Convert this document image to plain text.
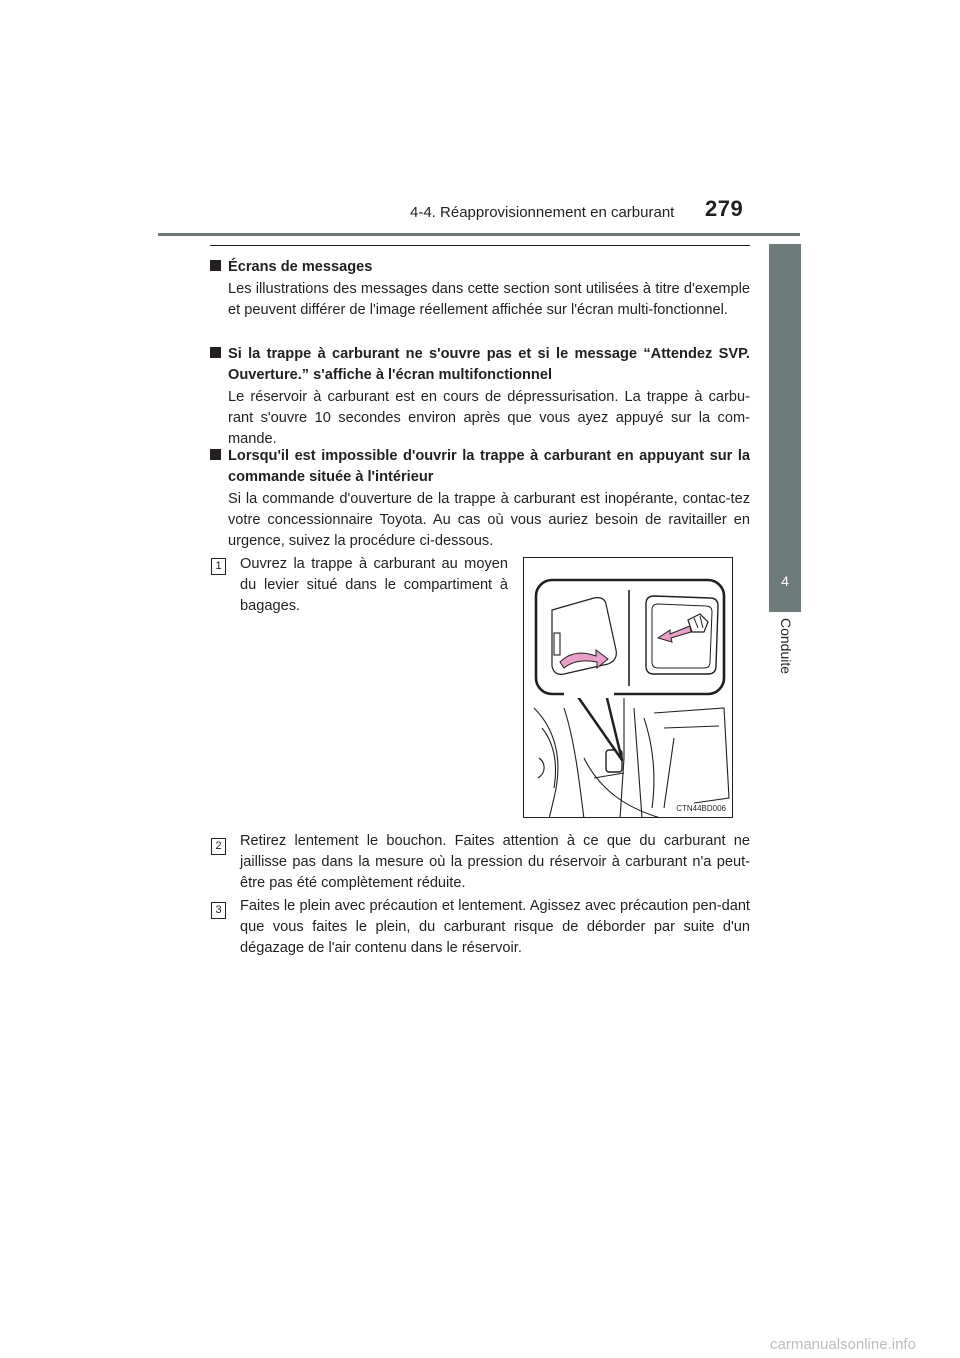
4-4. Réapprovisionnement en carburant 279
4
Conduite

Écrans de messages

Les illustrations des messages dans cette section sont utilisées à titre d'exemple et peuvent différer de l'image réellement affichée sur l'écran multi-fonctionnel.

Si la trappe à carburant ne s'ouvre pas et si le message “Attendez SVP. Ouverture.” s'affiche à l'écran multifonctionnel

Le réservoir à carburant est en cours de dépressurisation. La trappe à carbu-rant s'ouvre 10 secondes environ après que vous ayez appuyé sur la com-mande.

Lorsqu'il est impossible d'ouvrir la trappe à carburant en appuyant sur la commande située à l'intérieur

Si la commande d'ouverture de la trappe à carburant est inopérante, contac-tez votre concessionnaire Toyota. Au cas où vous auriez besoin de ravitailler en urgence, suivez la procédure ci-dessous.

1	Ouvrez la trappe à carburant au moyen du levier situé dans le compartiment à bagages.
CTN44BD006
2	Retirez lentement le bouchon. Faites attention à ce que du carburant ne jaillisse pas dans la mesure où la pression du réservoir à carburant n'a peut-être pas été complètement réduite.
3	Faites le plein avec précaution et lentement. Agissez avec précaution pen-dant que vous faites le plein, du carburant risque de déborder par suite d'un dégazage de l'air contenu dans le réservoir.
carmanualsonline.info
